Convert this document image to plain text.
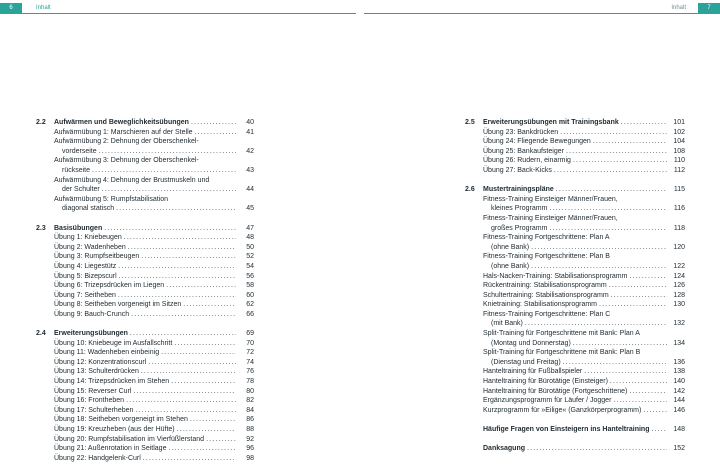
6	Inhalt	Inhalt	7
2.2	Aufwärmen und Beweglichkeitsübungen . . .	40
Aufwärmübung 1: Marschieren auf der Stelle . . .	41
Aufwärmübung 2: Dehnung der Oberschenkel-
vorderseite . . .	42
Aufwärmübung 3: Dehnung der Oberschenkel-
rückseite . . .	43
Aufwärmübung 4: Dehnung der Brustmuskeln und
der Schulter . . .	44
Aufwärmübung 5: Rumpfstabilisation
diagonal statisch . . .	45
2.3	Basisübungen . . .	47
Übung 1: Kniebeugen . . .	48
Übung 2: Wadenheben . . .	50
Übung 3: Rumpfseitbeugen . . .	52
Übung 4: Liegestütz . . .	54
Übung 5: Bizepscurl . . .	56
Übung 6: Trizepsdrücken im Liegen . . .	58
Übung 7: Seitheben . . .	60
Übung 8: Seitheben vorgeneigt im Sitzen . . .	62
Übung 9: Bauch-Crunch . . .	66
2.4	Erweiterungsübungen . . .	69
Übung 10: Kniebeuge im Ausfallschritt . . .	70
Übung 11: Wadenheben einbeinig . . .	72
Übung 12: Konzentrationscurl . . .	74
Übung 13: Schulterdrücken . . .	76
Übung 14: Trizepsdrücken im Stehen . . .	78
Übung 15: Reverser Curl . . .	80
Übung 16: Frontheben . . .	82
Übung 17: Schulterheben . . .	84
Übung 18: Seitheben vorgeneigt im Stehen . . .	86
Übung 19: Kreuzheben (aus der Hüfte) . . .	88
Übung 20: Rumpfstabilisation im Vierfüßlerstand . . .	92
Übung 21: Außenrotation in Seitlage . . .	96
Übung 22: Handgelenk-Curl . . .	98
2.5	Erweiterungsübungen mit Trainingsbank . . .	101
Übung 23: Bankdrücken . . .	102
Übung 24: Fliegende Bewegungen . . .	104
Übung 25: Bankaufsteiger . . .	108
Übung 26: Rudern, einarmig . . .	110
Übung 27: Back-Kicks . . .	112
2.6	Mustertrainingspläne . . .	115
Fitness-Training Einsteiger Männer/Frauen,
kleines Programm . . .	116
Fitness-Training Einsteiger Männer/Frauen,
großes Programm . . .	118
Fitness-Training Fortgeschrittene: Plan A
(ohne Bank) . . .	120
Fitness-Training Fortgeschrittene: Plan B
(ohne Bank) . . .	122
Hals-Nacken-Training: Stabilisationsprogramm . . .	124
Rückentraining: Stabilisationsprogramm . . .	126
Schultertraining: Stabilisationsprogramm . . .	128
Knietraining: Stabilisationsprogramm . . .	130
Fitness-Training Fortgeschrittene: Plan C
(mit Bank) . . .	132
Split-Training für Fortgeschrittene mit Bank: Plan A
(Montag und Donnerstag) . . .	134
Split-Training für Fortgeschrittene mit Bank: Plan B
(Dienstag und Freitag) . . .	136
Hanteltraining für Fußballspieler . . .	138
Hanteltraining für Bürotätige (Einsteiger) . . .	140
Hanteltraining für Bürotätige (Fortgeschrittene) . . .	142
Ergänzungsprogramm für Läufer / Jogger . . .	144
Kurzprogramm für »Eilige« (Ganzkörperprogramm) . . .	146
Häufige Fragen von Einsteigern ins Hanteltraining . . .	148
Danksagung . . .	152
